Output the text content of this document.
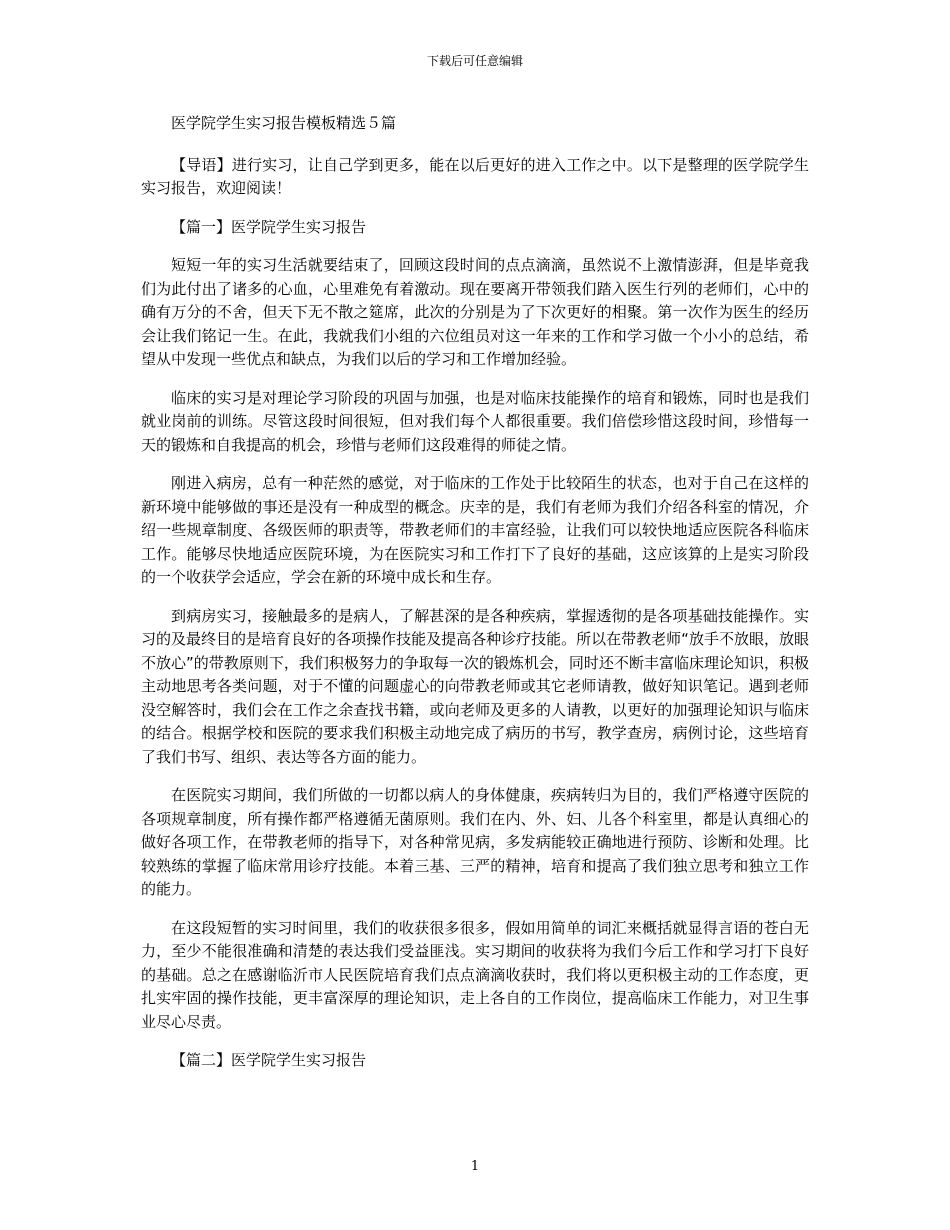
下载后可任意编辑

医学院学生实习报告模板精选５篇

【导语】进行实习，让自己学到更多，能在以后更好的进入工作之中。以下是整理的医学院学生实习报告，欢迎阅读！

【篇一】医学院学生实习报告

短短一年的实习生活就要结束了，回顾这段时间的点点滴滴，虽然说不上激情澎湃，但是毕竟我们为此付出了诸多的心血，心里难免有着激动。现在要离开带领我们踏入医生行列的老师们，心中的确有万分的不舍，但天下无不散之筵席，此次的分别是为了下次更好的相聚。第一次作为医生的经历会让我们铭记一生。在此，我就我们小组的六位组员对这一年来的工作和学习做一个小小的总结，希望从中发现一些优点和缺点，为我们以后的学习和工作增加经验。

临床的实习是对理论学习阶段的巩固与加强，也是对临床技能操作的培育和锻炼，同时也是我们就业岗前的训练。尽管这段时间很短，但对我们每个人都很重要。我们倍偿珍惜这段时间，珍惜每一天的锻炼和自我提高的机会，珍惜与老师们这段难得的师徒之情。

刚进入病房，总有一种茫然的感觉，对于临床的工作处于比较陌生的状态，也对于自己在这样的新环境中能够做的事还是没有一种成型的概念。庆幸的是，我们有老师为我们介绍各科室的情况，介绍一些规章制度、各级医师的职责等，带教老师们的丰富经验，让我们可以较快地适应医院各科临床工作。能够尽快地适应医院环境，为在医院实习和工作打下了良好的基础，这应该算的上是实习阶段的一个收获学会适应，学会在新的环境中成长和生存。

到病房实习，接触最多的是病人，了解甚深的是各种疾病，掌握透彻的是各项基础技能操作。实习的及最终目的是培育良好的各项操作技能及提高各种诊疗技能。所以在带教老师“放手不放眼，放眼不放心”的带教原则下，我们积极努力的争取每一次的锻炼机会，同时还不断丰富临床理论知识，积极主动地思考各类问题，对于不懂的问题虚心的向带教老师或其它老师请教，做好知识笔记。遇到老师没空解答时，我们会在工作之余查找书籍，或向老师及更多的人请教，以更好的加强理论知识与临床的结合。根据学校和医院的要求我们积极主动地完成了病历的书写，教学查房，病例讨论，这些培育了我们书写、组织、表达等各方面的能力。

在医院实习期间，我们所做的一切都以病人的身体健康，疾病转归为目的，我们严格遵守医院的各项规章制度，所有操作都严格遵循无菌原则。我们在内、外、妇、儿各个科室里，都是认真细心的做好各项工作，在带教老师的指导下，对各种常见病，多发病能较正确地进行预防、诊断和处理。比较熟练的掌握了临床常用诊疗技能。本着三基、三严的精神，培育和提高了我们独立思考和独立工作的能力。

在这段短暂的实习时间里，我们的收获很多很多，假如用简单的词汇来概括就显得言语的苍白无力，至少不能很准确和清楚的表达我们受益匪浅。实习期间的收获将为我们今后工作和学习打下良好的基础。总之在感谢临沂市人民医院培育我们点点滴滴收获时，我们将以更积极主动的工作态度，更扎实牢固的操作技能，更丰富深厚的理论知识，走上各自的工作岗位，提高临床工作能力，对卫生事业尽心尽责。

【篇二】医学院学生实习报告

1
